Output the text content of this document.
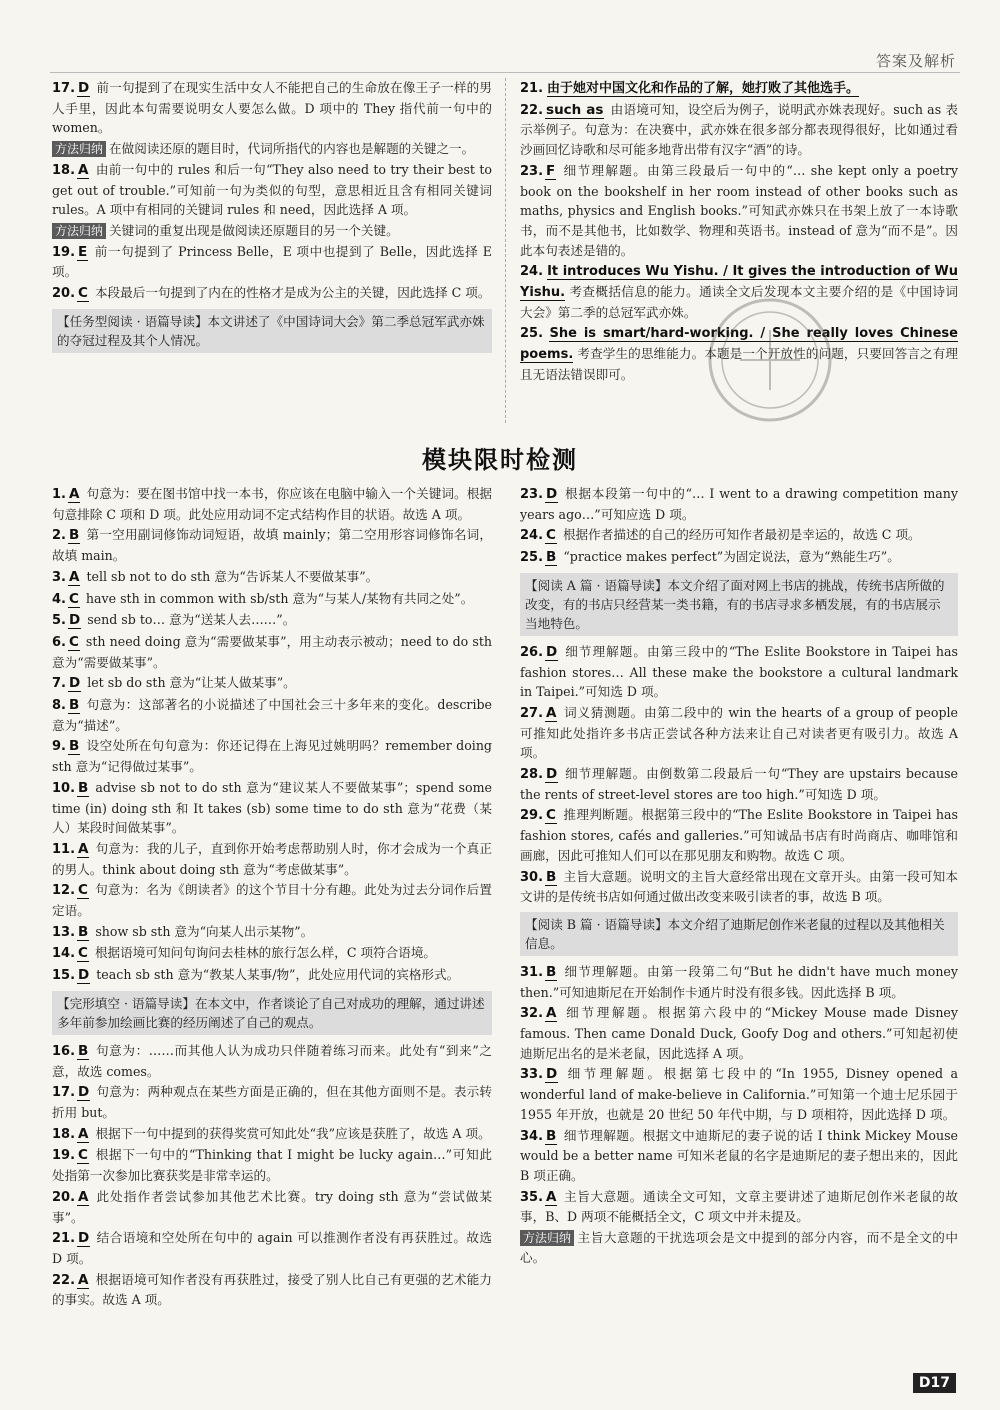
答案及解析
17. D 前一句提到了在现实生活中女人不能把自己的生命放在像王子一样的男人手里，因此本句需要说明女人要怎么做。D 项中的 They 指代前一句中的 women。
方法归纳 在做阅读还原的题目时，代词所指代的内容也是解题的关键之一。
18. A 由前一句中的 rules 和后一句“They also need to try their best to get out of trouble.”可知前一句为类似的句型，意思相近且含有相同关键词 rules。A 项中有相同的关键词 rules 和 need，因此选择 A 项。
方法归纳 关键词的重复出现是做阅读还原题目的另一个关键。
19. E 前一句提到了 Princess Belle，E 项中也提到了 Belle，因此选择 E 项。
20. C 本段最后一句提到了内在的性格才是成为公主的关键，因此选择 C 项。
【任务型阅读 · 语篇导读】本文讲述了《中国诗词大会》第二季总冠军武亦姝的夺冠过程及其个人情况。
21. 由于她对中国文化和作品的了解，她打败了其他选手。
22. such as 由语境可知，设空后为例子，说明武亦姝表现好。such as 表示举例子。句意为：在决赛中，武亦姝在很多部分都表现得很好，比如通过看沙画回忆诗歌和尽可能多地背出带有汉字“酒”的诗。
23. F 细节理解题。由第三段最后一句中的“… she kept only a poetry book on the bookshelf in her room instead of other books such as maths, physics and English books.”可知武亦姝只在书架上放了一本诗歌书，而不是其他书，比如数学、物理和英语书。instead of 意为“而不是”。因此本句表述是错的。
24. It introduces Wu Yishu. / It gives the introduction of Wu Yishu. 考查概括信息的能力。通读全文后发现本文主要介绍的是《中国诗词大会》第二季的总冠军武亦姝。
25. She is smart/hard-working. / She really loves Chinese poems. 考查学生的思维能力。本题是一个开放性的问题，只要回答言之有理且无语法错误即可。
模块限时检测
1. A 句意为：要在图书馆中找一本书，你应该在电脑中输入一个关键词。根据句意排除 C 项和 D 项。此处应用动词不定式结构作目的状语。故选 A 项。
2. B 第一空用副词修饰动词短语，故填 mainly；第二空用形容词修饰名词，故填 main。
3. A tell sb not to do sth 意为“告诉某人不要做某事”。
4. C have sth in common with sb/sth 意为“与某人/某物有共同之处”。
5. D send sb to… 意为“送某人去……”。
6. C sth need doing 意为“需要做某事”，用主动表示被动；need to do sth 意为“需要做某事”。
7. D let sb do sth 意为“让某人做某事”。
8. B 句意为：这部著名的小说描述了中国社会三十多年来的变化。describe 意为“描述”。
9. B 设空处所在句句意为：你还记得在上海见过姚明吗？remember doing sth 意为“记得做过某事”。
10. B advise sb not to do sth 意为“建议某人不要做某事”；spend some time (in) doing sth 和 It takes (sb) some time to do sth 意为“花费（某人）某段时间做某事”。
11. A 句意为：我的儿子，直到你开始考虑帮助别人时，你才会成为一个真正的男人。think about doing sth 意为“考虑做某事”。
12. C 句意为：名为《朗读者》的这个节目十分有趣。此处为过去分词作后置定语。
13. B show sb sth 意为“向某人出示某物”。
14. C 根据语境可知问句询问去桂林的旅行怎么样，C 项符合语境。
15. D teach sb sth 意为“教某人某事/物”，此处应用代词的宾格形式。
【完形填空 · 语篇导读】在本文中，作者谈论了自己对成功的理解，通过讲述多年前参加绘画比赛的经历阐述了自己的观点。
16. B 句意为：……而其他人认为成功只伴随着练习而来。此处有“到来”之意，故选 comes。
17. D 句意为：两种观点在某些方面是正确的，但在其他方面则不是。表示转折用 but。
18. A 根据下一句中提到的获得奖赏可知此处“我”应该是获胜了，故选 A 项。
19. C 根据下一句中的“Thinking that I might be lucky again…”可知此处指第一次参加比赛获奖是非常幸运的。
20. A 此处指作者尝试参加其他艺术比赛。try doing sth 意为“尝试做某事”。
21. D 结合语境和空处所在句中的 again 可以推测作者没有再获胜过。故选 D 项。
22. A 根据语境可知作者没有再获胜过，接受了别人比自己有更强的艺术能力的事实。故选 A 项。
23. D 根据本段第一句中的“… I went to a drawing competition many years ago…”可知应选 D 项。
24. C 根据作者描述的自己的经历可知作者最初是幸运的，故选 C 项。
25. B “practice makes perfect”为固定说法，意为“熟能生巧”。
【阅读 A 篇 · 语篇导读】本文介绍了面对网上书店的挑战，传统书店所做的改变，有的书店只经营某一类书籍，有的书店寻求多栖发展，有的书店展示当地特色。
26. D 细节理解题。由第三段中的“The Eslite Bookstore in Taipei has fashion stores… All these make the bookstore a cultural landmark in Taipei.”可知选 D 项。
27. A 词义猜测题。由第二段中的 win the hearts of a group of people 可推知此处指许多书店正尝试各种方法来让自己对读者更有吸引力。故选 A 项。
28. D 细节理解题。由倒数第二段最后一句“They are upstairs because the rents of street-level stores are too high.”可知选 D 项。
29. C 推理判断题。根据第三段中的“The Eslite Bookstore in Taipei has fashion stores, cafés and galleries.”可知诚品书店有时尚商店、咖啡馆和画廊，因此可推知人们可以在那见朋友和购物。故选 C 项。
30. B 主旨大意题。说明文的主旨大意经常出现在文章开头。由第一段可知本文讲的是传统书店如何通过做出改变来吸引读者的事，故选 B 项。
【阅读 B 篇 · 语篇导读】本文介绍了迪斯尼创作米老鼠的过程以及其他相关信息。
31. B 细节理解题。由第一段第二句“But he didn't have much money then.”可知迪斯尼在开始制作卡通片时没有很多钱。因此选择 B 项。
32. A 细节理解题。根据第六段中的“Mickey Mouse made Disney famous. Then came Donald Duck, Goofy Dog and others.”可知起初使迪斯尼出名的是米老鼠，因此选择 A 项。
33. D 细节理解题。根据第七段中的“In 1955, Disney opened a wonderful land of make-believe in California.”可知第一个迪士尼乐园于 1955 年开放，也就是 20 世纪 50 年代中期，与 D 项相符，因此选择 D 项。
34. B 细节理解题。根据文中迪斯尼的妻子说的话 I think Mickey Mouse would be a better name 可知米老鼠的名字是迪斯尼的妻子想出来的，因此 B 项正确。
35. A 主旨大意题。通读全文可知，文章主要讲述了迪斯尼创作米老鼠的故事，B、D 两项不能概括全文，C 项文中并未提及。
方法归纳 主旨大意题的干扰选项会是文中提到的部分内容，而不是全文的中心。
D17
